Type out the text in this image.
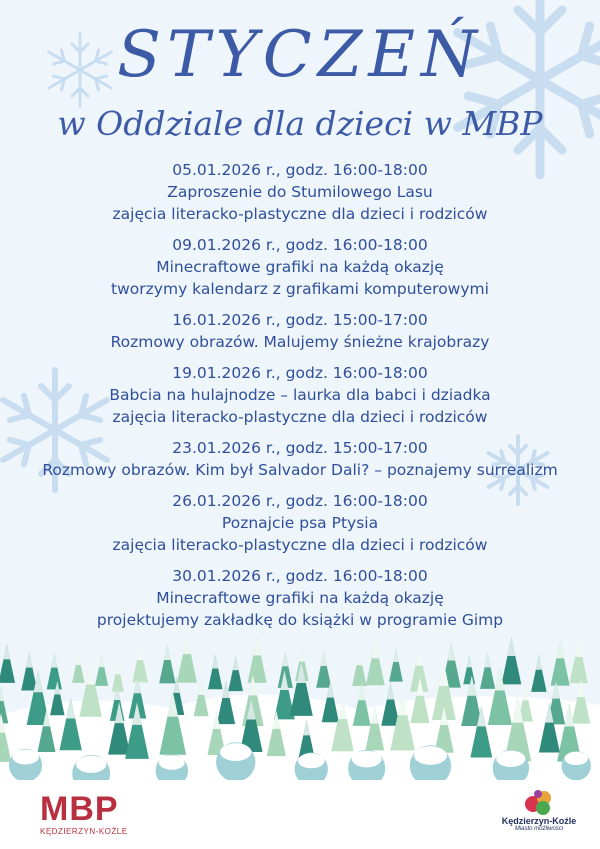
STYCZEŃ
w Oddziale dla dzieci w MBP
05.01.2026 r., godz. 16:00-18:00
Zaproszenie do Stumilowego Lasu
zajęcia literacko-plastyczne dla dzieci i rodziców
09.01.2026 r., godz. 16:00-18:00
Minecraftowe grafiki na każdą okazję
tworzymy kalendarz z grafikami komputerowymi
16.01.2026 r., godz. 15:00-17:00
Rozmowy obrazów. Malujemy śnieżne krajobrazy
19.01.2026 r., godz. 16:00-18:00
Babcia na hulajnodze – laurka dla babci i dziadka
zajęcia literacko-plastyczne dla dzieci i rodziców
23.01.2026 r., godz. 15:00-17:00
Rozmowy obrazów. Kim był Salvador Dali? – poznajemy surrealizm
26.01.2026 r., godz. 16:00-18:00
Poznajcie psa Ptysia
zajęcia literacko-plastyczne dla dzieci i rodziców
30.01.2026 r., godz. 16:00-18:00
Minecraftowe grafiki na każdą okazję
projektujemy zakładkę do książki w programie Gimp
MBP
KĘDZIERZYN-KOŹLE
Kędzierzyn-Koźle
Miasto możliwości
